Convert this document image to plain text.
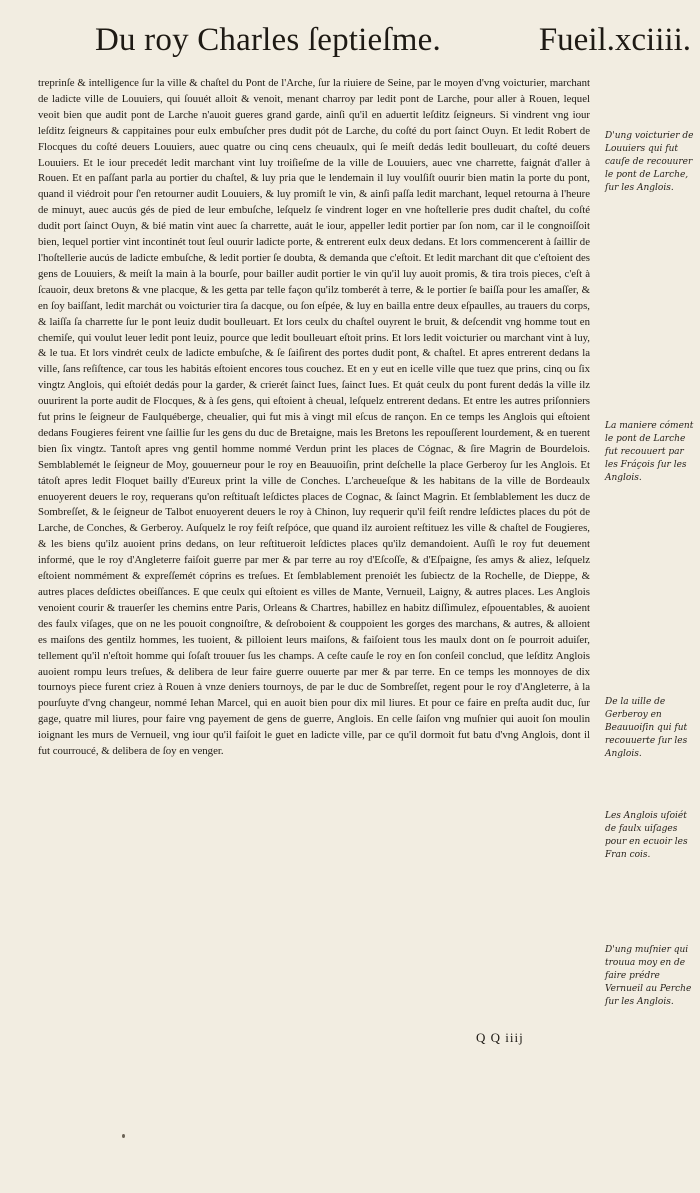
Du roy Charles ſeptieſme.	Fueil.xciiii.

treprinſe & intelligence ſur la ville & chaſtel du Pont de l'Arche, ſur la riuiere de Seine, par le moyen d'vng voicturier, marchant de ladicte ville de Louuiers, qui ſouuét alloit & venoit, menant charroy par ledit pont de Larche, pour aller à Rouen, lequel veoit bien que audit pont de Larche n'auoit gueres grand garde, ainſi qu'il en aduertit leſditz ſeigneurs. Si vindrent vng iour leſditz ſeigneurs & cappitaines pour eulx embuſcher pres dudit pót de Larche, du coſté du port ſainct Ouyn. Et ledit Robert de Flocques du coſté deuers Louuiers, auec quatre ou cinq cens cheuaulx, qui ſe meiſt dedás ledit boulleuart, du coſté deuers Louuiers. Et le iour precedét ledit marchant vint luy troiſieſme de la ville de Louuiers, auec vne charrette, faignát d'aller à Rouen. Et en paſſant parla au portier du chaſtel, & luy pria que le lendemain il luy voulſiſt ouurir bien matin la porte du pont, quand il viédroit pour ſ'en retourner audit Louuiers, & luy promiſt le vin, & ainſi paſſa ledit marchant, lequel retourna à l'heure de minuyt, auec aucús gés de pied de leur embuſche, leſquelz ſe vindrent loger en vne hoſtellerie pres dudit chaſtel, du coſté dudit port ſainct Ouyn, & bié matin vint auec ſa charrette, auát le iour, appeller ledit portier par ſon nom, car il le congnoiſſoit bien, lequel portier vint incontinét tout ſeul ouurir ladicte porte, & entrerent eulx deux dedans. Et lors commencerent à ſaillir de l'hoſtellerie aucús de ladicte embuſche, & ledit portier ſe doubta, & demanda que c'eſtoit. Et ledit marchant dit que c'eſtoient des gens de Louuiers, & meiſt la main à la bourſe, pour bailler audit portier le vin qu'il luy auoit promis, & tira trois pieces, c'eſt à ſcauoir, deux bretons & vne placque, & les getta par telle façon qu'ilz tomberét à terre, & le portier ſe baiſſa pour les amaſſer, & en ſoy baiſſant, ledit marchát ou voicturier tira ſa dacque, ou ſon eſpée, & luy en bailla entre deux eſpaulles, au trauers du corps, & laiſſa ſa charrette ſur le pont leuiz dudit boulleuart. Et lors ceulx du chaſtel ouyrent le bruit, & deſcendit vng homme tout en chemiſe, qui voulut leuer ledit pont leuiz, pource que ledit boulleuart eſtoit prins. Et lors ledit voicturier ou marchant vint à luy, & le tua. Et lors vindrét ceulx de ladicte embuſche, & ſe ſaiſirent des portes dudit pont, & chaſtel. Et apres entrerent dedans la ville, ſans reſiſtence, car tous les habitás eſtoient encores tous couchez. Et en y eut en icelle ville que tuez que prins, cinq ou ſix vingtz Anglois, qui eſtoiét dedás pour la garder, & crierét ſainct Iues, ſainct Iues. Et quát ceulx du pont furent dedás la ville ilz ouurirent la porte audit de Flocques, & à ſes gens, qui eſtoient à cheual, leſquelz entrerent dedans. Et entre les autres priſonniers fut prins le ſeigneur de Faulquéberge, cheualier, qui fut mis à vingt mil eſcus de rançon. En ce temps les Anglois qui eſtoient dedans Fougieres feirent vne ſaillie ſur les gens du duc de Bretaigne, mais les Bretons les repouſſerent lourdement, & en tuerent bien ſix vingtz. Tantoſt apres vng gentil homme nommé Verdun print les places de Cógnac, & ſire Magrin de Bourdelois. Semblablemét le ſeigneur de Moy, gouuerneur pour le roy en Beauuoiſin, print deſchelle la place Gerberoy ſur les Anglois. Et tátoſt apres ledit Floquet bailly d'Eureux print la ville de Conches. L'archeueſque & les habitans de la ville de Bordeaulx enuoyerent deuers le roy, requerans qu'on reſtituaſt leſdictes places de Cognac, & ſainct Magrin. Et ſemblablement les ducz de Sombreſſet, & le ſeigneur de Talbot enuoyerent deuers le roy à Chinon, luy requerir qu'il feiſt rendre leſdictes places du pót de Larche, de Conches, & Gerberoy. Auſquelz le roy feiſt reſpóce, que quand ilz auroient reſtituez les ville & chaſtel de Fougieres, & les biens qu'ilz auoient prins dedans, on leur reſtitueroit leſdictes places qu'ilz demandoient. Auſſi le roy fut deuement informé, que le roy d'Angleterre faiſoit guerre par mer & par terre au roy d'Eſcoſſe, & d'Eſpaigne, ſes amys & aliez, leſquelz eſtoient nommément & expreſſemét cóprins es treſues. Et ſemblablement prenoiét les ſubiectz de la Rochelle, de Dieppe, & autres places deſdictes obeiſſances. E que ceulx qui eſtoient es villes de Mante, Vernueil, Laigny, & autres places. Les Anglois venoient courir & trauerſer les chemins entre Paris, Orleans & Chartres, habillez en habitz diſſimulez, eſpouentables, & auoient des faulx viſages, que on ne les pouoit congnoiſtre, & deſroboient & couppoient les gorges des marchans, & autres, & alloient es maiſons des gentilz hommes, les tuoient, & pilloient leurs maiſons, & faiſoient tous les maulx dont on ſe pourroit aduiſer, tellement qu'il n'eſtoit homme qui ſoſaſt trouuer ſus les champs. A ceſte cauſe le roy en ſon conſeil conclud, que leſditz Anglois auoient rompu leurs treſues, & delibera de leur faire guerre ouuerte par mer & par terre. En ce temps les monnoyes de dix tournoys piece furent criez à Rouen à vnze deniers tournoys, de par le duc de Sombreſſet, regent pour le roy d'Angleterre, à la pourſuyte d'vng changeur, nommé Iehan Marcel, qui en auoit bien pour dix mil liures. Et pour ce faire en preſta audit duc, ſur gage, quatre mil liures, pour faire vng payement de gens de guerre, Anglois. En celle ſaiſon vng muſnier qui auoit ſon moulin ioignant les murs de Vernueil, vng iour qu'il faiſoit le guet en ladicte ville, par ce qu'il dormoit fut batu d'vng Anglois, dont il fut courroucé, & delibera de ſoy en venger.

D'ung voicturier de Louuiers qui fut cauſe de recouurer le pont de Larche, ſur les Anglois.
La maniere cóment le pont de Larche fut recouuert par les Fráçois ſur les Anglois.
De la uille de Gerberoy en Beauuoiſin qui fut recouuerte ſur les Anglois.
Les Anglois uſoiét de faulx uiſages pour en ecuoir les Fran cois.
D'ung muſnier qui trouua moy en de faire prédre Vernueil au Perche ſur les Anglois.
Q Q iiij
